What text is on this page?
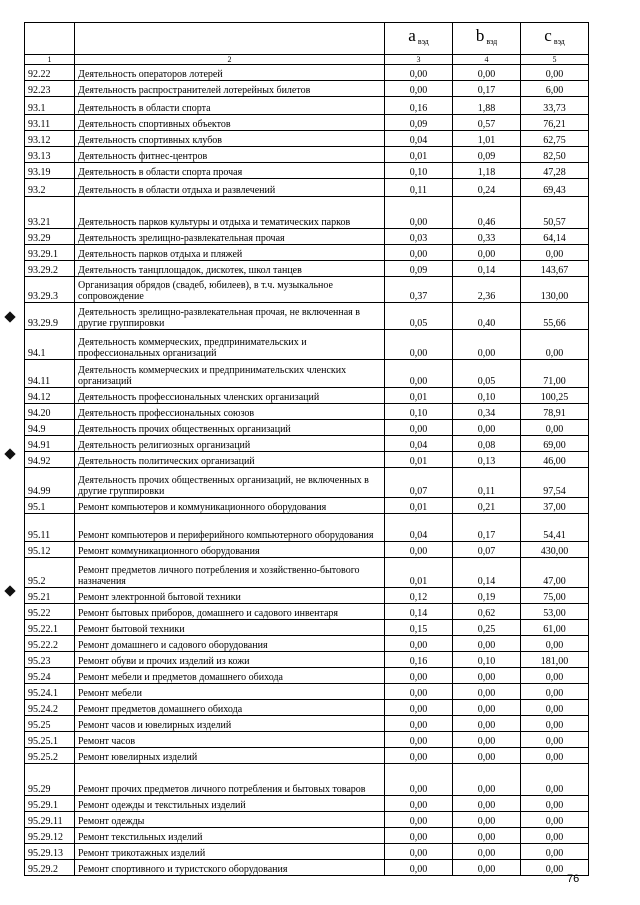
		a $_{вэд}$	b $_{вэд}$	c $_{вэд}$
1	2	3	4	5
92.22	Деятельность операторов лотерей	0,00	0,00	0,00
92.23	Деятельность распространителей лотерейных билетов	0,00	0,17	6,00
93.1	Деятельность в области спорта	0,16	1,88	33,73
93.11	Деятельность спортивных объектов	0,09	0,57	76,21
93.12	Деятельность спортивных клубов	0,04	1,01	62,75
93.13	Деятельность фитнес-центров	0,01	0,09	82,50
93.19	Деятельность в области спорта прочая	0,10	1,18	47,28
93.2	Деятельность в области отдыха и развлечений	0,11	0,24	69,43
93.21	Деятельность парков культуры и отдыха и тематических парков	0,00	0,46	50,57
93.29	Деятельность зрелищно-развлекательная прочая	0,03	0,33	64,14
93.29.1	Деятельность парков отдыха и пляжей	0,00	0,00	0,00
93.29.2	Деятельность танцплощадок, дискотек, школ танцев	0,09	0,14	143,67
93.29.3	Организация обрядов (свадеб, юбилеев), в т.ч. музыкальное сопровождение	0,37	2,36	130,00
93.29.9	Деятельность зрелищно-развлекательная прочая, не включенная в другие группировки	0,05	0,40	55,66
94.1	Деятельность коммерческих, предпринимательских и профессиональных организаций	0,00	0,00	0,00
94.11	Деятельность коммерческих и предпринимательских членских организаций	0,00	0,05	71,00
94.12	Деятельность профессиональных членских организаций	0,01	0,10	100,25
94.20	Деятельность профессиональных союзов	0,10	0,34	78,91
94.9	Деятельность прочих общественных организаций	0,00	0,00	0,00
94.91	Деятельность религиозных организаций	0,04	0,08	69,00
94.92	Деятельность политических организаций	0,01	0,13	46,00
94.99	Деятельность прочих общественных организаций, не включенных в другие группировки	0,07	0,11	97,54
95.1	Ремонт компьютеров и коммуникационного оборудования	0,01	0,21	37,00
95.11	Ремонт компьютеров и периферийного компьютерного оборудования	0,04	0,17	54,41
95.12	Ремонт коммуникационного оборудования	0,00	0,07	430,00
95.2	Ремонт предметов личного потребления и хозяйственно-бытового назначения	0,01	0,14	47,00
95.21	Ремонт электронной бытовой техники	0,12	0,19	75,00
95.22	Ремонт бытовых приборов, домашнего и садового инвентаря	0,14	0,62	53,00
95.22.1	Ремонт бытовой техники	0,15	0,25	61,00
95.22.2	Ремонт домашнего и садового оборудования	0,00	0,00	0,00
95.23	Ремонт обуви и прочих изделий из кожи	0,16	0,10	181,00
95.24	Ремонт мебели и предметов домашнего обихода	0,00	0,00	0,00
95.24.1	Ремонт мебели	0,00	0,00	0,00
95.24.2	Ремонт предметов домашнего обихода	0,00	0,00	0,00
95.25	Ремонт часов и ювелирных изделий	0,00	0,00	0,00
95.25.1	Ремонт часов	0,00	0,00	0,00
95.25.2	Ремонт ювелирных изделий	0,00	0,00	0,00
95.29	Ремонт прочих предметов личного потребления и бытовых товаров	0,00	0,00	0,00
95.29.1	Ремонт одежды и текстильных изделий	0,00	0,00	0,00
95.29.11	Ремонт одежды	0,00	0,00	0,00
95.29.12	Ремонт текстильных изделий	0,00	0,00	0,00
95.29.13	Ремонт трикотажных изделий	0,00	0,00	0,00
95.29.2	Ремонт спортивного и туристского оборудования	0,00	0,00	0,00
76
